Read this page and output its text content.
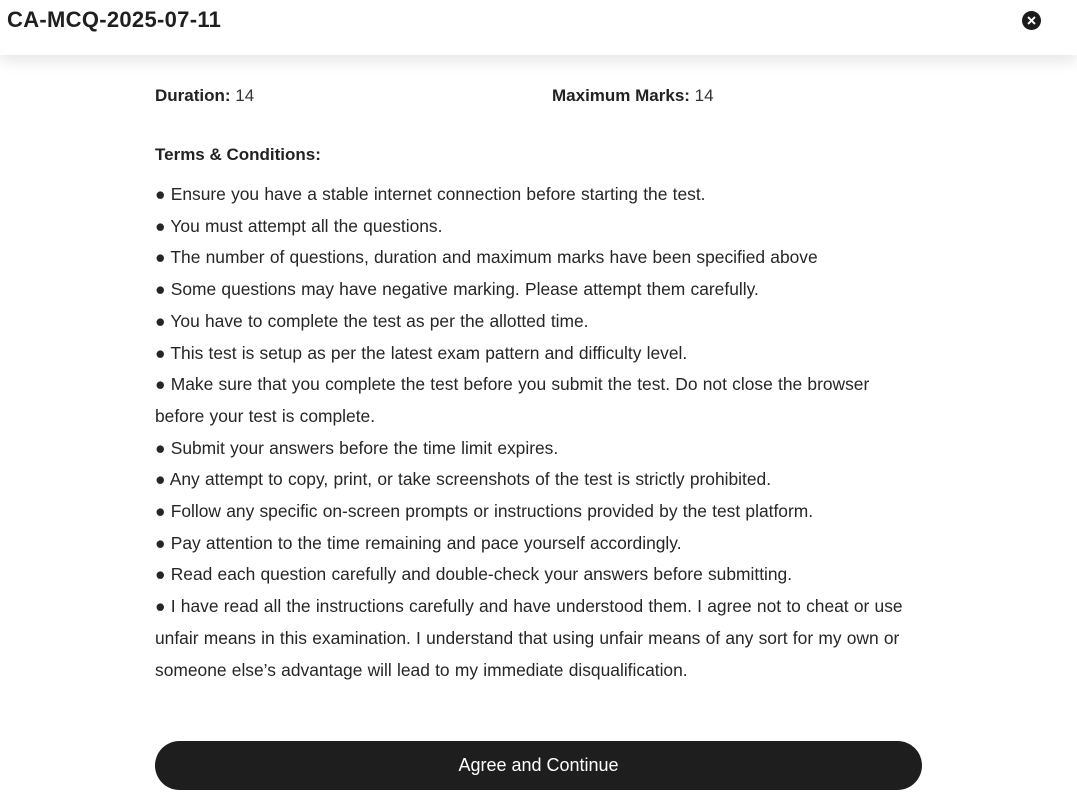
CA-MCQ-2025-07-11
Duration: 14	Maximum Marks: 14
Terms & Conditions:
● Ensure you have a stable internet connection before starting the test.
● You must attempt all the questions.
● The number of questions, duration and maximum marks have been specified above
● Some questions may have negative marking. Please attempt them carefully.
● You have to complete the test as per the allotted time.
● This test is setup as per the latest exam pattern and difficulty level.
● Make sure that you complete the test before you submit the test. Do not close the browser before your test is complete.
● Submit your answers before the time limit expires.
● Any attempt to copy, print, or take screenshots of the test is strictly prohibited.
● Follow any specific on-screen prompts or instructions provided by the test platform.
● Pay attention to the time remaining and pace yourself accordingly.
● Read each question carefully and double-check your answers before submitting.
● I have read all the instructions carefully and have understood them. I agree not to cheat or use unfair means in this examination. I understand that using unfair means of any sort for my own or someone else’s advantage will lead to my immediate disqualification.
Agree and Continue
